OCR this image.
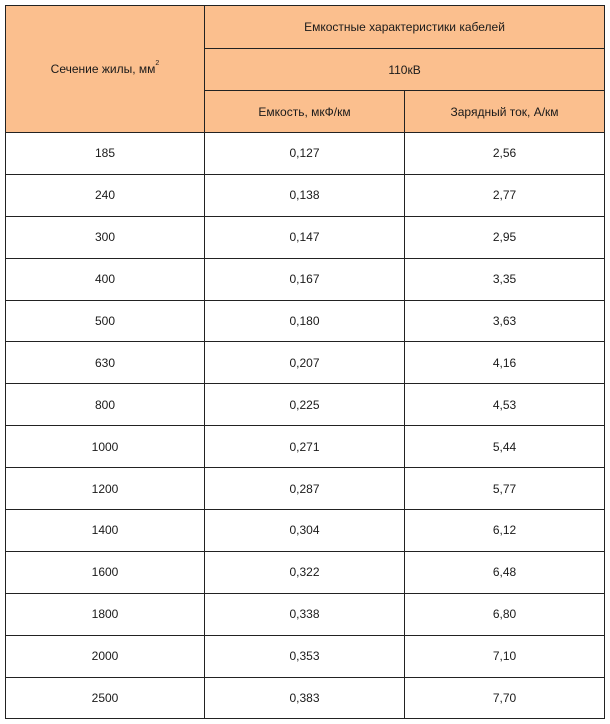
Сечение жилы, $мм^2$	Емкостные характеристики кабелей	
	110кВ	
	Емкость, мкФ/км	Зарядный ток, А/км
185	0,127	2,56
240	0,138	2,77
300	0,147	2,95
400	0,167	3,35
500	0,180	3,63
630	0,207	4,16
800	0,225	4,53
1000	0,271	5,44
1200	0,287	5,77
1400	0,304	6,12
1600	0,322	6,48
1800	0,338	6,80
2000	0,353	7,10
2500	0,383	7,70
